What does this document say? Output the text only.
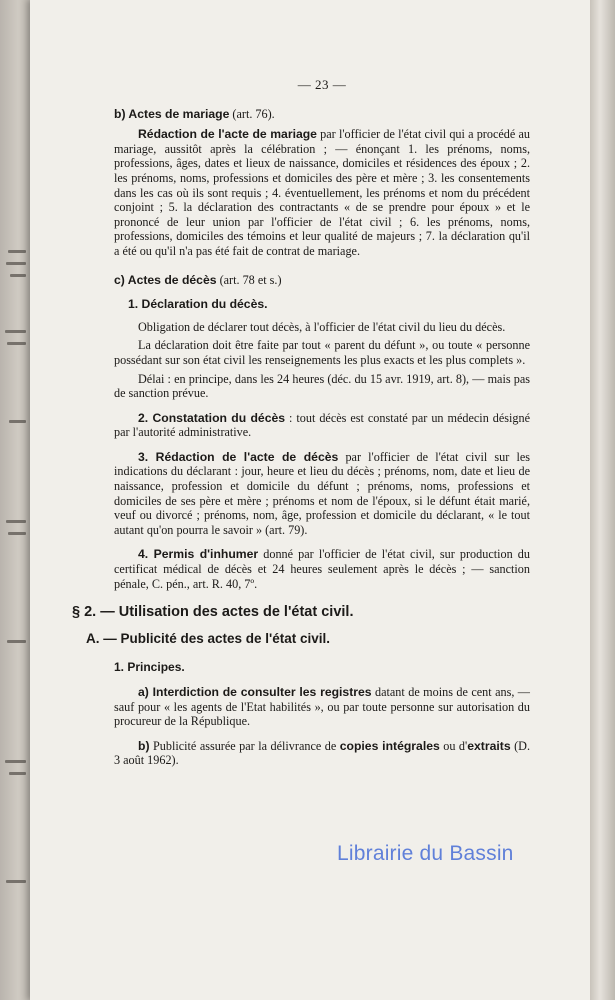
— 23 —

b) Actes de mariage (art. 76).

Rédaction de l'acte de mariage par l'officier de l'état civil qui a procédé au mariage, aussitôt après la célébration ; — énonçant 1. les prénoms, noms, professions, âges, dates et lieux de naissance, domiciles et résidences des époux ; 2. les prénoms, noms, professions et domiciles des père et mère ; 3. les consentements dans les cas où ils sont requis ; 4. éventuellement, les prénoms et nom du précédent conjoint ; 5. la déclaration des contractants « de se prendre pour époux » et le prononcé de leur union par l'officier de l'état civil ; 6. les prénoms, noms, professions, domiciles des témoins et leur qualité de majeurs ; 7. la déclaration qu'il a été ou qu'il n'a pas été fait de contrat de mariage.

c) Actes de décès (art. 78 et s.)

1. Déclaration du décès.

Obligation de déclarer tout décès, à l'officier de l'état civil du lieu du décès.

La déclaration doit être faite par tout « parent du défunt », ou toute « personne possédant sur son état civil les renseignements les plus exacts et les plus complets ».

Délai : en principe, dans les 24 heures (déc. du 15 avr. 1919, art. 8), — mais pas de sanction prévue.

2. Constatation du décès : tout décès est constaté par un médecin désigné par l'autorité administrative.

3. Rédaction de l'acte de décès par l'officier de l'état civil sur les indications du déclarant : jour, heure et lieu du décès ; prénoms, nom, date et lieu de naissance, profession et domicile du défunt ; prénoms, noms, professions et domiciles de ses père et mère ; prénoms et nom de l'époux, si le défunt était marié, veuf ou divorcé ; prénoms, nom, âge, profession et domicile du déclarant, « le tout autant qu'on pourra le savoir » (art. 79).

4. Permis d'inhumer donné par l'officier de l'état civil, sur production du certificat médical de décès et 24 heures seulement après le décès ; — sanction pénale, C. pén., art. R. 40, 7º.

§ 2. — Utilisation des actes de l'état civil.

A. — Publicité des actes de l'état civil.

1. Principes.

a) Interdiction de consulter les registres datant de moins de cent ans, — sauf pour « les agents de l'Etat habilités », ou par toute personne sur autorisation du procureur de la République.

b) Publicité assurée par la délivrance de copies intégrales ou d'extraits (D. 3 août 1962).

Librairie du Bassin
